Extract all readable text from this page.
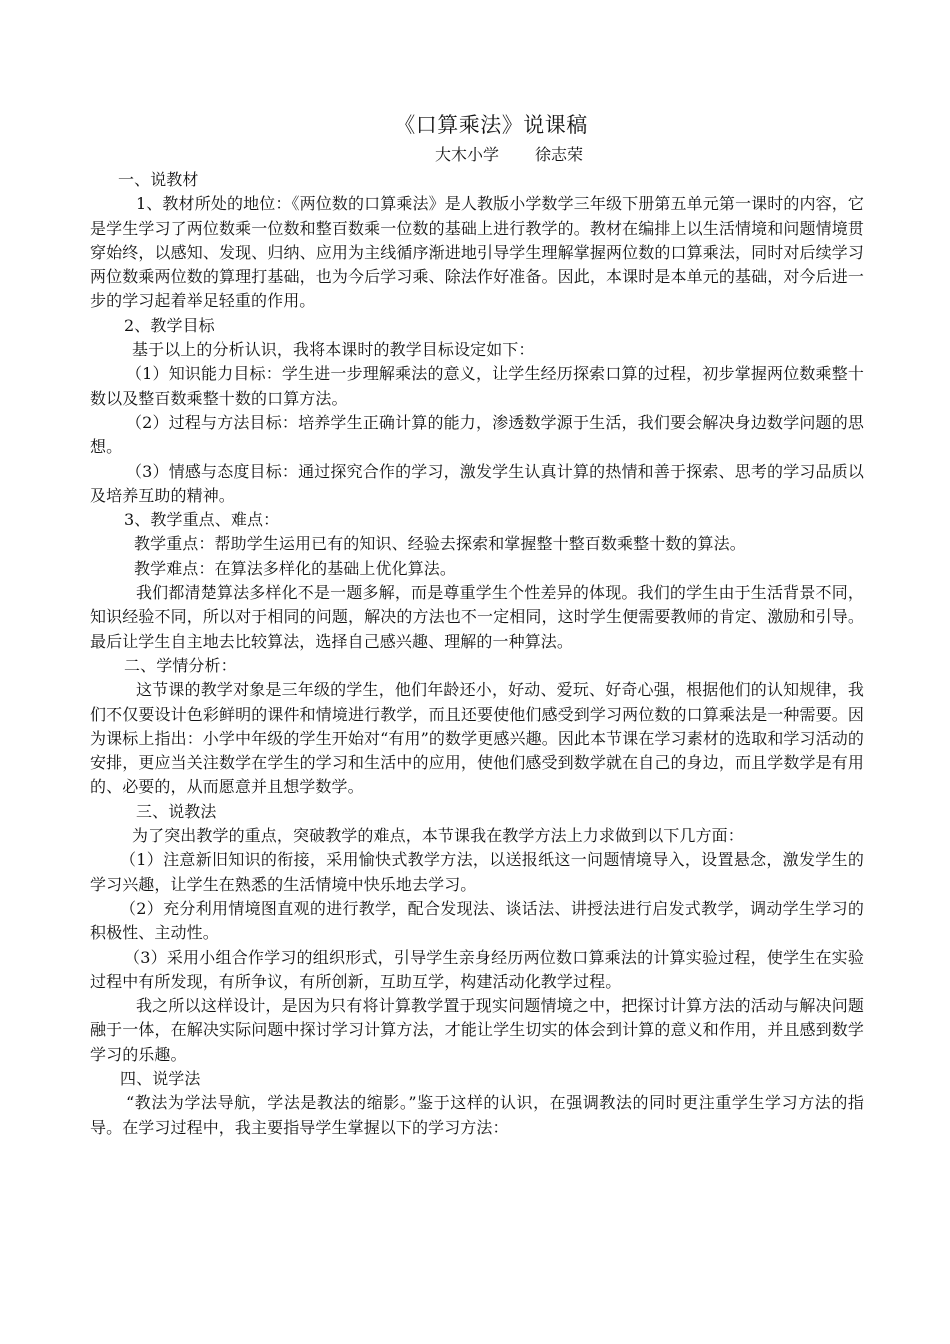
《口算乘法》说课稿
大木小学 徐志荣

一、说教材

1、教材所处的地位：《两位数的口算乘法》是人教版小学数学三年级下册第五单元第一课时的内容，它是学生学习了两位数乘一位数和整百数乘一位数的基础上进行教学的。教材在编排上以生活情境和问题情境贯穿始终，以感知、发现、归纳、应用为主线循序渐进地引导学生理解掌握两位数的口算乘法，同时对后续学习两位数乘两位数的算理打基础，也为今后学习乘、除法作好准备。因此，本课时是本单元的基础，对今后进一步的学习起着举足轻重的作用。

2、教学目标

基于以上的分析认识，我将本课时的教学目标设定如下：

（1）知识能力目标：学生进一步理解乘法的意义，让学生经历探索口算的过程，初步掌握两位数乘整十数以及整百数乘整十数的口算方法。

（2）过程与方法目标：培养学生正确计算的能力，渗透数学源于生活，我们要会解决身边数学问题的思想。

（3）情感与态度目标：通过探究合作的学习，激发学生认真计算的热情和善于探索、思考的学习品质以及培养互助的精神。

3、教学重点、难点：

教学重点：帮助学生运用已有的知识、经验去探索和掌握整十整百数乘整十数的算法。

教学难点：在算法多样化的基础上优化算法。

我们都清楚算法多样化不是一题多解，而是尊重学生个性差异的体现。我们的学生由于生活背景不同，知识经验不同，所以对于相同的问题，解决的方法也不一定相同，这时学生便需要教师的肯定、激励和引导。最后让学生自主地去比较算法，选择自己感兴趣、理解的一种算法。

二、学情分析：

这节课的教学对象是三年级的学生，他们年龄还小，好动、爱玩、好奇心强，根据他们的认知规律，我们不仅要设计色彩鲜明的课件和情境进行教学，而且还要使他们感受到学习两位数的口算乘法是一种需要。因为课标上指出：小学中年级的学生开始对“有用”的数学更感兴趣。因此本节课在学习素材的选取和学习活动的安排，更应当关注数学在学生的学习和生活中的应用，使他们感受到数学就在自己的身边，而且学数学是有用的、必要的，从而愿意并且想学数学。

三、说教法

为了突出教学的重点，突破教学的难点，本节课我在教学方法上力求做到以下几方面：

（1）注意新旧知识的衔接，采用愉快式教学方法，以送报纸这一问题情境导入，设置悬念，激发学生的学习兴趣，让学生在熟悉的生活情境中快乐地去学习。

（2）充分利用情境图直观的进行教学，配合发现法、谈话法、讲授法进行启发式教学，调动学生学习的积极性、主动性。

（3）采用小组合作学习的组织形式，引导学生亲身经历两位数口算乘法的计算实验过程，使学生在实验过程中有所发现，有所争议，有所创新，互助互学，构建活动化教学过程。

我之所以这样设计，是因为只有将计算教学置于现实问题情境之中，把探讨计算方法的活动与解决问题融于一体，在解决实际问题中探讨学习计算方法，才能让学生切实的体会到计算的意义和作用，并且感到数学学习的乐趣。

四、说学法

“教法为学法导航，学法是教法的缩影。”鉴于这样的认识，在强调教法的同时更注重学生学习方法的指导。在学习过程中，我主要指导学生掌握以下的学习方法：
